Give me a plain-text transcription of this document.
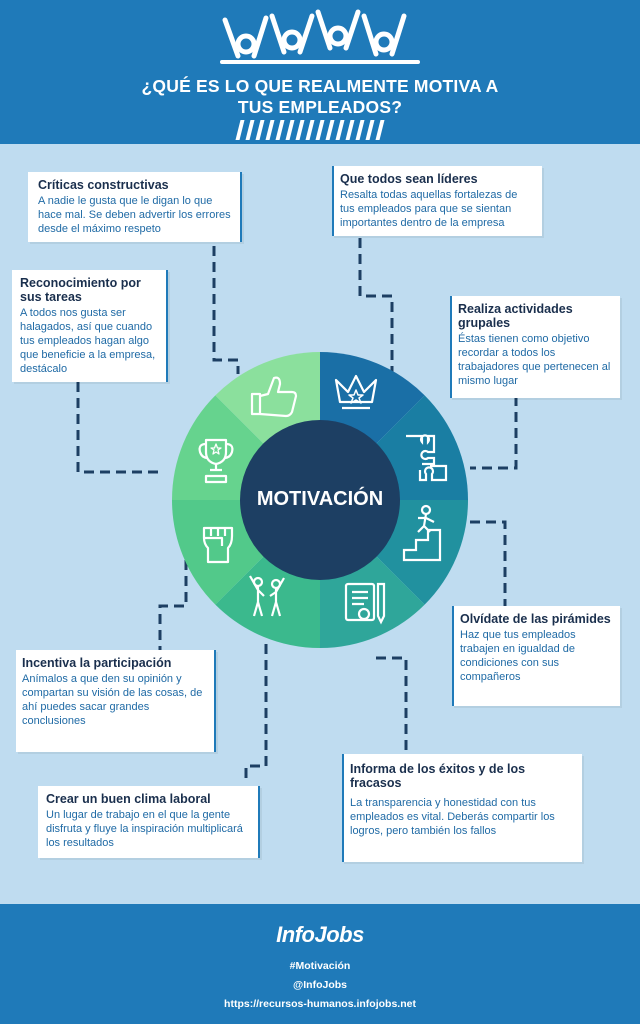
¿QUÉ ES LO QUE REALMENTE MOTIVA A
TUS EMPLEADOS?
MOTIVACIÓN
Críticas constructivas

A nadie le gusta que le digan lo que hace mal. Se deben advertir los errores desde el máximo respeto

Reconocimiento por sus tareas

A todos nos gusta ser halagados, así que cuando tus empleados hagan algo que beneficie a la empresa, destácalo

Que todos sean líderes

Resalta todas aquellas fortalezas de tus empleados para que se sientan importantes dentro de la empresa

Realiza actividades grupales

Éstas tienen como objetivo recordar a todos los trabajadores que pertenecen al mismo lugar

Olvídate de las pirámides

Haz que tus empleados trabajen en igualdad de condiciones con sus compañeros

Incentiva la participación

Anímalos a que den su opinión y compartan su visión de las cosas, de ahí puedes sacar grandes conclusiones

Informa de los éxitos y de los fracasos

La transparencia y honestidad con tus empleados es vital. Deberás compartir los logros, pero también los fallos

Crear un buen clima laboral

Un lugar de trabajo en el que la gente disfruta y fluye la inspiración multiplicará los resultados

InfoJobs
#Motivación
@InfoJobs
https://recursos-humanos.infojobs.net
